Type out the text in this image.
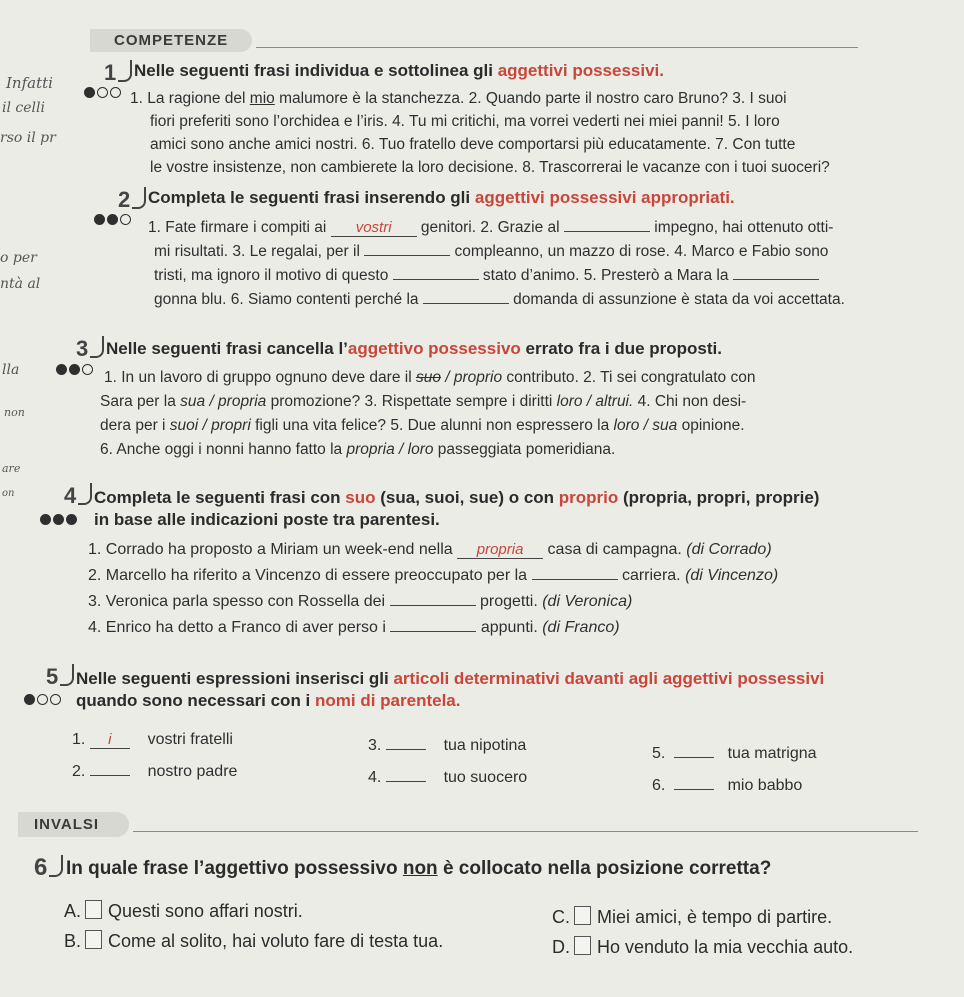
Infatti
il celli
rso il pr
o per
ntà al
lla
non
are
on
COMPETENZE
1	Nelle seguenti frasi individua e sottolinea gli aggettivi possessivi.
1. La ragione del mio malumore è la stanchezza. 2. Quando parte il nostro caro Bruno? 3. I suoi
fiori preferiti sono l’orchidea e l’iris. 4. Tu mi critichi, ma vorrei vederti nei miei panni! 5. I loro
amici sono anche amici nostri. 6. Tuo fratello deve comportarsi più educatamente. 7. Con tutte
le vostre insistenze, non cambierete la loro decisione. 8. Trascorrerai le vacanze con i tuoi suoceri?
2	Completa le seguenti frasi inserendo gli aggettivi possessivi appropriati.
1. Fate firmare i compiti ai vostri genitori. 2. Grazie al	impegno, hai ottenuto otti-
mi risultati. 3. Le regalai, per il	compleanno, un mazzo di rose. 4. Marco e Fabio sono
tristi, ma ignoro il motivo di questo	stato d’animo. 5. Presterò a Mara la
gonna blu. 6. Siamo contenti perché la	domanda di assunzione è stata da voi accettata.
3	Nelle seguenti frasi cancella l’aggettivo possessivo errato fra i due proposti.
1. In un lavoro di gruppo ognuno deve dare il suo / proprio contributo. 2. Ti sei congratulato con
Sara per la sua / propria promozione? 3. Rispettate sempre i diritti loro / altrui. 4. Chi non desi-
dera per i suoi / propri figli una vita felice? 5. Due alunni non espressero la loro / sua opinione.
6. Anche oggi i nonni hanno fatto la propria / loro passeggiata pomeridiana.
4	Completa le seguenti frasi con suo (sua, suoi, sue) o con proprio (propria, propri, proprie)
in base alle indicazioni poste tra parentesi.
1. Corrado ha proposto a Miriam un week-end nella propria casa di campagna. (di Corrado)
2. Marcello ha riferito a Vincenzo di essere preoccupato per la	carriera. (di Vincenzo)
3. Veronica parla spesso con Rossella dei	progetti. (di Veronica)
4. Enrico ha detto a Franco di aver perso i	appunti. (di Franco)
5	Nelle seguenti espressioni inserisci gli articoli determinativi davanti agli aggettivi possessivi
quando sono necessari con i nomi di parentela.
1. i vostri fratelli
2.	nostro padre
3.	tua nipotina
4.	tuo suocero
5.	tua matrigna
6.	mio babbo
INVALSI
6 In quale frase l’aggettivo possessivo non è collocato nella posizione corretta?
A. Questi sono affari nostri.
B. Come al solito, hai voluto fare di testa tua.
C. Miei amici, è tempo di partire.
D. Ho venduto la mia vecchia auto.
